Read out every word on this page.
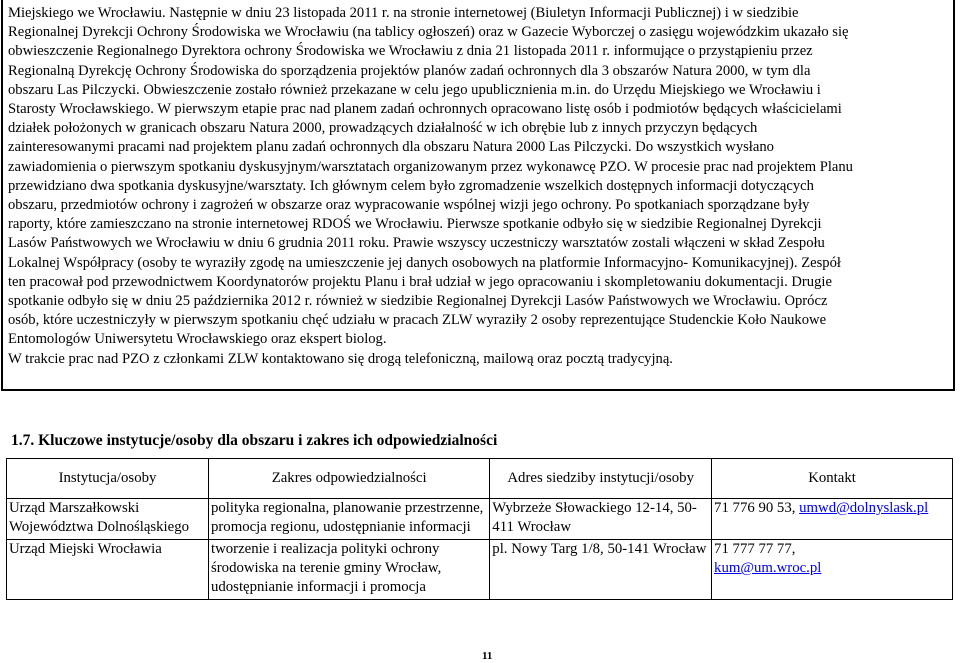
Miejskiego we Wrocławiu. Następnie w dniu 23 listopada 2011 r. na stronie internetowej (Biuletyn Informacji Publicznej) i w siedzibie

Regionalnej Dyrekcji Ochrony Środowiska we Wrocławiu (na tablicy ogłoszeń) oraz w Gazecie Wyborczej o zasięgu wojewódzkim ukazało się

obwieszczenie Regionalnego Dyrektora ochrony Środowiska we Wrocławiu z dnia 21 listopada 2011 r. informujące o przystąpieniu przez

Regionalną Dyrekcję Ochrony Środowiska do sporządzenia projektów planów zadań ochronnych dla 3 obszarów Natura 2000, w tym dla

obszaru Las Pilczycki. Obwieszczenie zostało również przekazane w celu jego upublicznienia m.in. do Urzędu Miejskiego we Wrocławiu i

Starosty Wrocławskiego. W pierwszym etapie prac nad planem zadań ochronnych opracowano listę osób i podmiotów będących właścicielami

działek położonych w granicach obszaru Natura 2000, prowadzących działalność w ich obrębie lub z innych przyczyn będących

zainteresowanymi pracami nad projektem planu zadań ochronnych dla obszaru Natura 2000 Las Pilczycki. Do wszystkich wysłano

zawiadomienia o pierwszym spotkaniu dyskusyjnym/warsztatach organizowanym przez wykonawcę PZO. W procesie prac nad projektem Planu

przewidziano dwa spotkania dyskusyjne/warsztaty. Ich głównym celem było zgromadzenie wszelkich dostępnych informacji dotyczących

obszaru, przedmiotów ochrony i zagrożeń w obszarze oraz wypracowanie wspólnej wizji jego ochrony. Po spotkaniach sporządzane były

raporty, które zamieszczano na stronie internetowej RDOŚ we Wrocławiu. Pierwsze spotkanie odbyło się w siedzibie Regionalnej Dyrekcji

Lasów Państwowych we Wrocławiu w dniu 6 grudnia 2011 roku. Prawie wszyscy uczestniczy warsztatów zostali włączeni w skład Zespołu

Lokalnej Współpracy (osoby te wyraziły zgodę na umieszczenie jej danych osobowych na platformie Informacyjno- Komunikacyjnej). Zespół

ten pracował pod przewodnictwem Koordynatorów projektu Planu i brał udział w jego opracowaniu i skompletowaniu dokumentacji. Drugie

spotkanie odbyło się w dniu 25 października 2012 r. również w siedzibie Regionalnej Dyrekcji Lasów Państwowych we Wrocławiu. Oprócz

osób, które uczestniczyły w pierwszym spotkaniu chęć udziału w pracach ZLW wyraziły 2 osoby reprezentujące Studenckie Koło Naukowe

Entomologów Uniwersytetu Wrocławskiego oraz ekspert biolog.

W trakcie prac nad PZO z członkami ZLW kontaktowano się drogą telefoniczną, mailową oraz pocztą tradycyjną.

1.7. Kluczowe instytucje/osoby dla obszaru i zakres ich odpowiedzialności
Instytucja/osoby	Zakres odpowiedzialności	Adres siedziby instytucji/osoby	Kontakt
Urząd Marszałkowski Województwa Dolnośląskiego	polityka regionalna, planowanie przestrzenne, promocja regionu, udostępnianie informacji	Wybrzeże Słowackiego 12-14, 50-411 Wrocław	71 776 90 53, umwd@dolnyslask.pl
Urząd Miejski Wrocławia	tworzenie i realizacja polityki ochrony środowiska na terenie gminy Wrocław, udostępnianie informacji i promocja	pl. Nowy Targ 1/8, 50-141 Wrocław	71 777 77 77,
kum@um.wroc.pl
11
